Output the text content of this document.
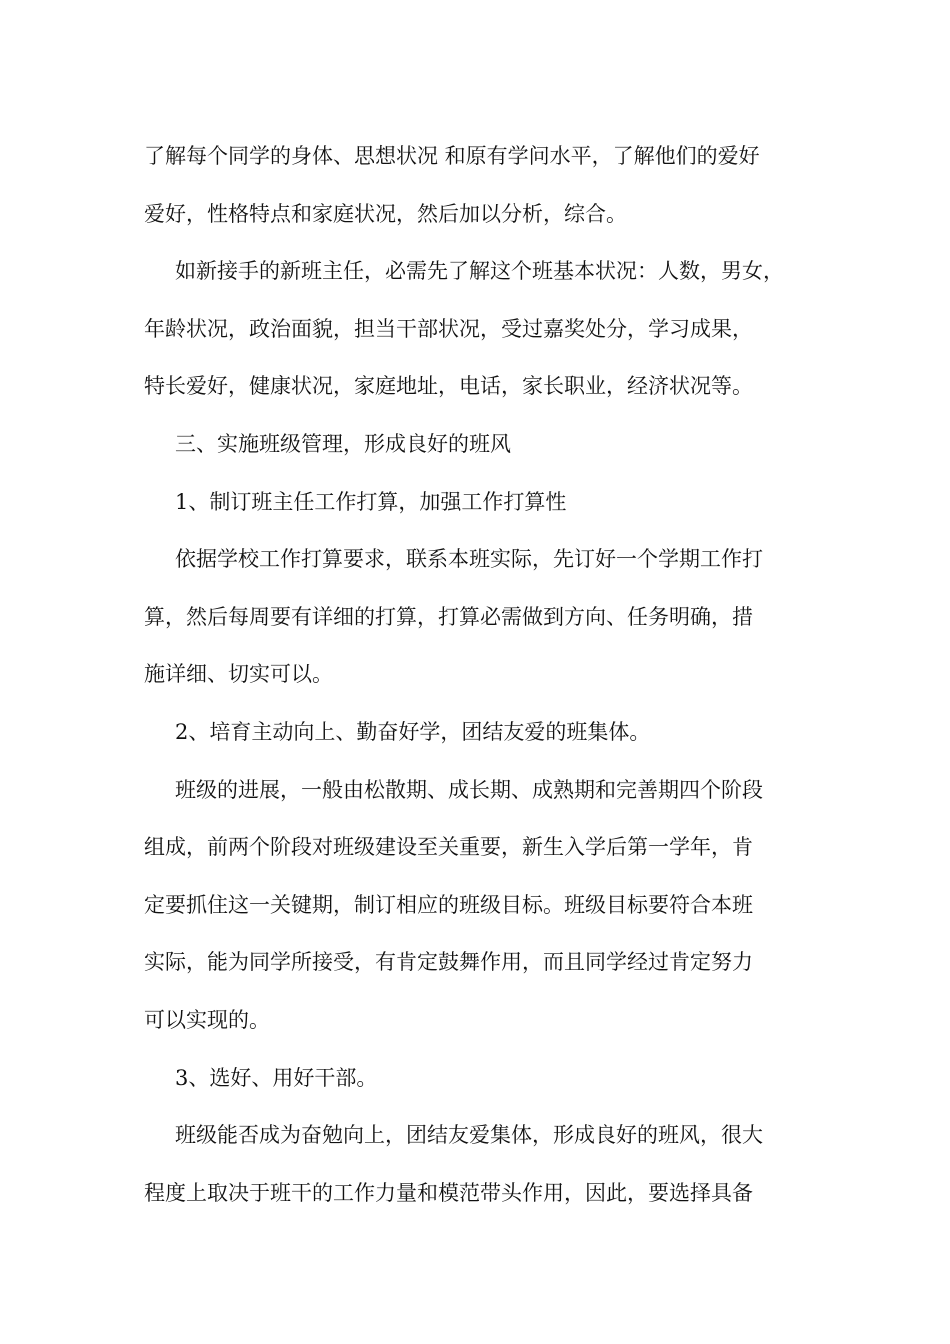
了解每个同学的身体、思想状况 和原有学问水平，了解他们的爱好
爱好，性格特点和家庭状况，然后加以分析，综合。
如新接手的新班主任，必需先了解这个班基本状况：人数，男女，
年龄状况，政治面貌，担当干部状况，受过嘉奖处分，学习成果，
特长爱好，健康状况，家庭地址，电话，家长职业，经济状况等。
三、实施班级管理，形成良好的班风
1、制订班主任工作打算，加强工作打算性
依据学校工作打算要求，联系本班实际，先订好一个学期工作打
算，然后每周要有详细的打算，打算必需做到方向、任务明确，措
施详细、切实可以。
2、培育主动向上、勤奋好学，团结友爱的班集体。
班级的进展，一般由松散期、成长期、成熟期和完善期四个阶段
组成，前两个阶段对班级建设至关重要，新生入学后第一学年，肯
定要抓住这一关键期，制订相应的班级目标。班级目标要符合本班
实际，能为同学所接受，有肯定鼓舞作用，而且同学经过肯定努力
可以实现的。
3、选好、用好干部。
班级能否成为奋勉向上，团结友爱集体，形成良好的班风，很大
程度上取决于班干的工作力量和模范带头作用，因此，要选择具备
